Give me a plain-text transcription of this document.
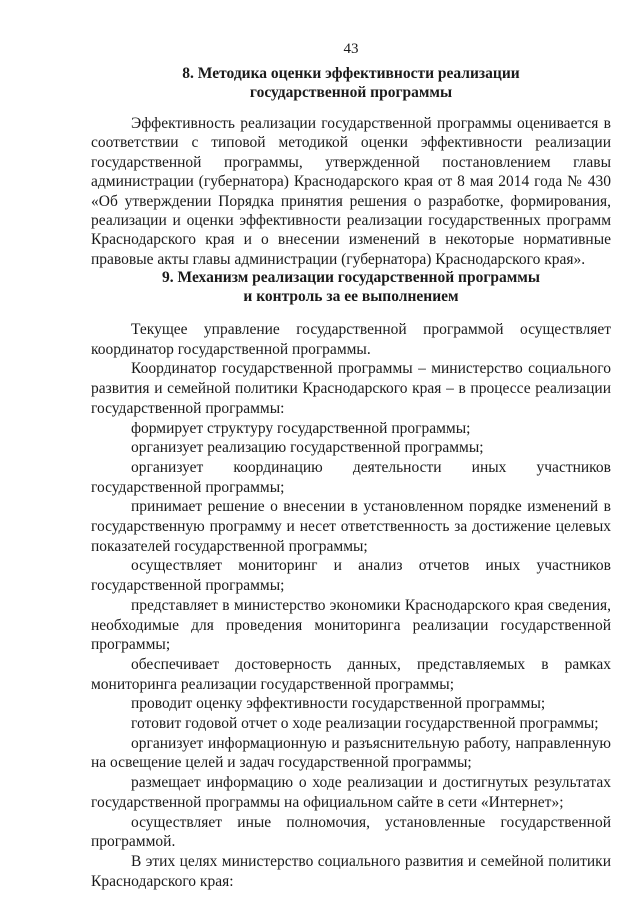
43
8. Методика оценки эффективности реализации
государственной программы

Эффективность реализации государственной программы оценивается в соответствии с типовой методикой оценки эффективности реализации государственной программы, утвержденной постановлением главы администрации (губернатора) Краснодарского края от 8 мая 2014 года № 430 «Об утверждении Порядка принятия решения о разработке, формирования, реализации и оценки эффективности реализации государственных программ Краснодарского края и о внесении изменений в некоторые нормативные правовые акты главы администрации (губернатора) Краснодарского края».

9. Механизм реализации государственной программы
и контроль за ее выполнением

Текущее управление государственной программой осуществляет координатор государственной программы.

Координатор государственной программы – министерство социального развития и семейной политики Краснодарского края – в процессе реализации государственной программы:

формирует структуру государственной программы;

организует реализацию государственной программы;

организует координацию деятельности иных участников государственной программы;

принимает решение о внесении в установленном порядке изменений в государственную программу и несет ответственность за достижение целевых показателей государственной программы;

осуществляет мониторинг и анализ отчетов иных участников государственной программы;

представляет в министерство экономики Краснодарского края сведения, необходимые для проведения мониторинга реализации государственной программы;

обеспечивает достоверность данных, представляемых в рамках мониторинга реализации государственной программы;

проводит оценку эффективности государственной программы;

готовит годовой отчет о ходе реализации государственной программы;

организует информационную и разъяснительную работу, направленную на освещение целей и задач государственной программы;

размещает информацию о ходе реализации и достигнутых результатах государственной программы на официальном сайте в сети «Интернет»;

осуществляет иные полномочия, установленные государственной программой.

В этих целях министерство социального развития и семейной политики Краснодарского края:
